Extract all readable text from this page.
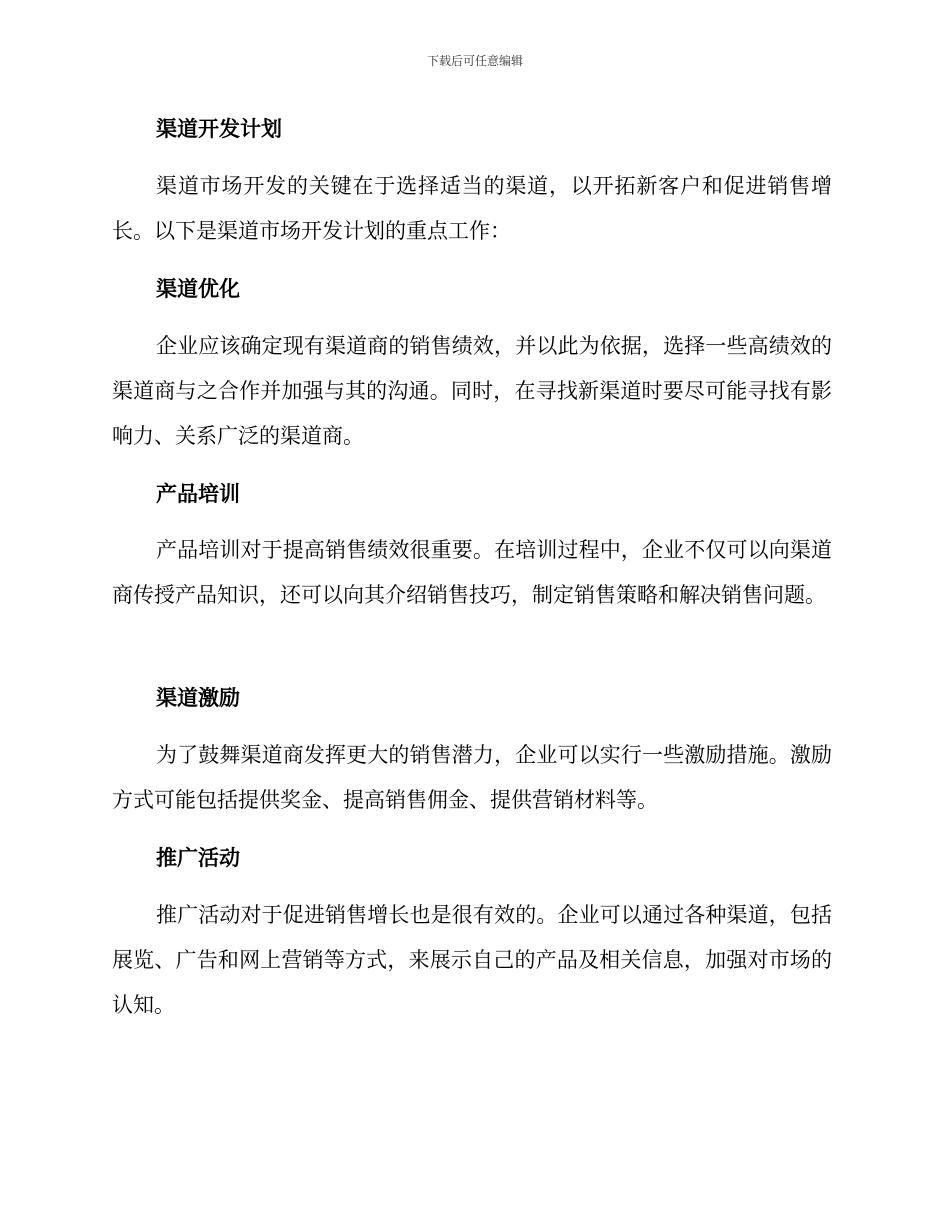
下载后可任意编辑
渠道开发计划

渠道市场开发的关键在于选择适当的渠道，以开拓新客户和促进销售增长。以下是渠道市场开发计划的重点工作：

渠道优化

企业应该确定现有渠道商的销售绩效，并以此为依据，选择一些高绩效的渠道商与之合作并加强与其的沟通。同时，在寻找新渠道时要尽可能寻找有影响力、关系广泛的渠道商。

产品培训

产品培训对于提高销售绩效很重要。在培训过程中，企业不仅可以向渠道商传授产品知识，还可以向其介绍销售技巧，制定销售策略和解决销售问题。

渠道激励

为了鼓舞渠道商发挥更大的销售潜力，企业可以实行一些激励措施。激励方式可能包括提供奖金、提高销售佣金、提供营销材料等。

推广活动

推广活动对于促进销售增长也是很有效的。企业可以通过各种渠道，包括展览、广告和网上营销等方式，来展示自己的产品及相关信息，加强对市场的认知。
